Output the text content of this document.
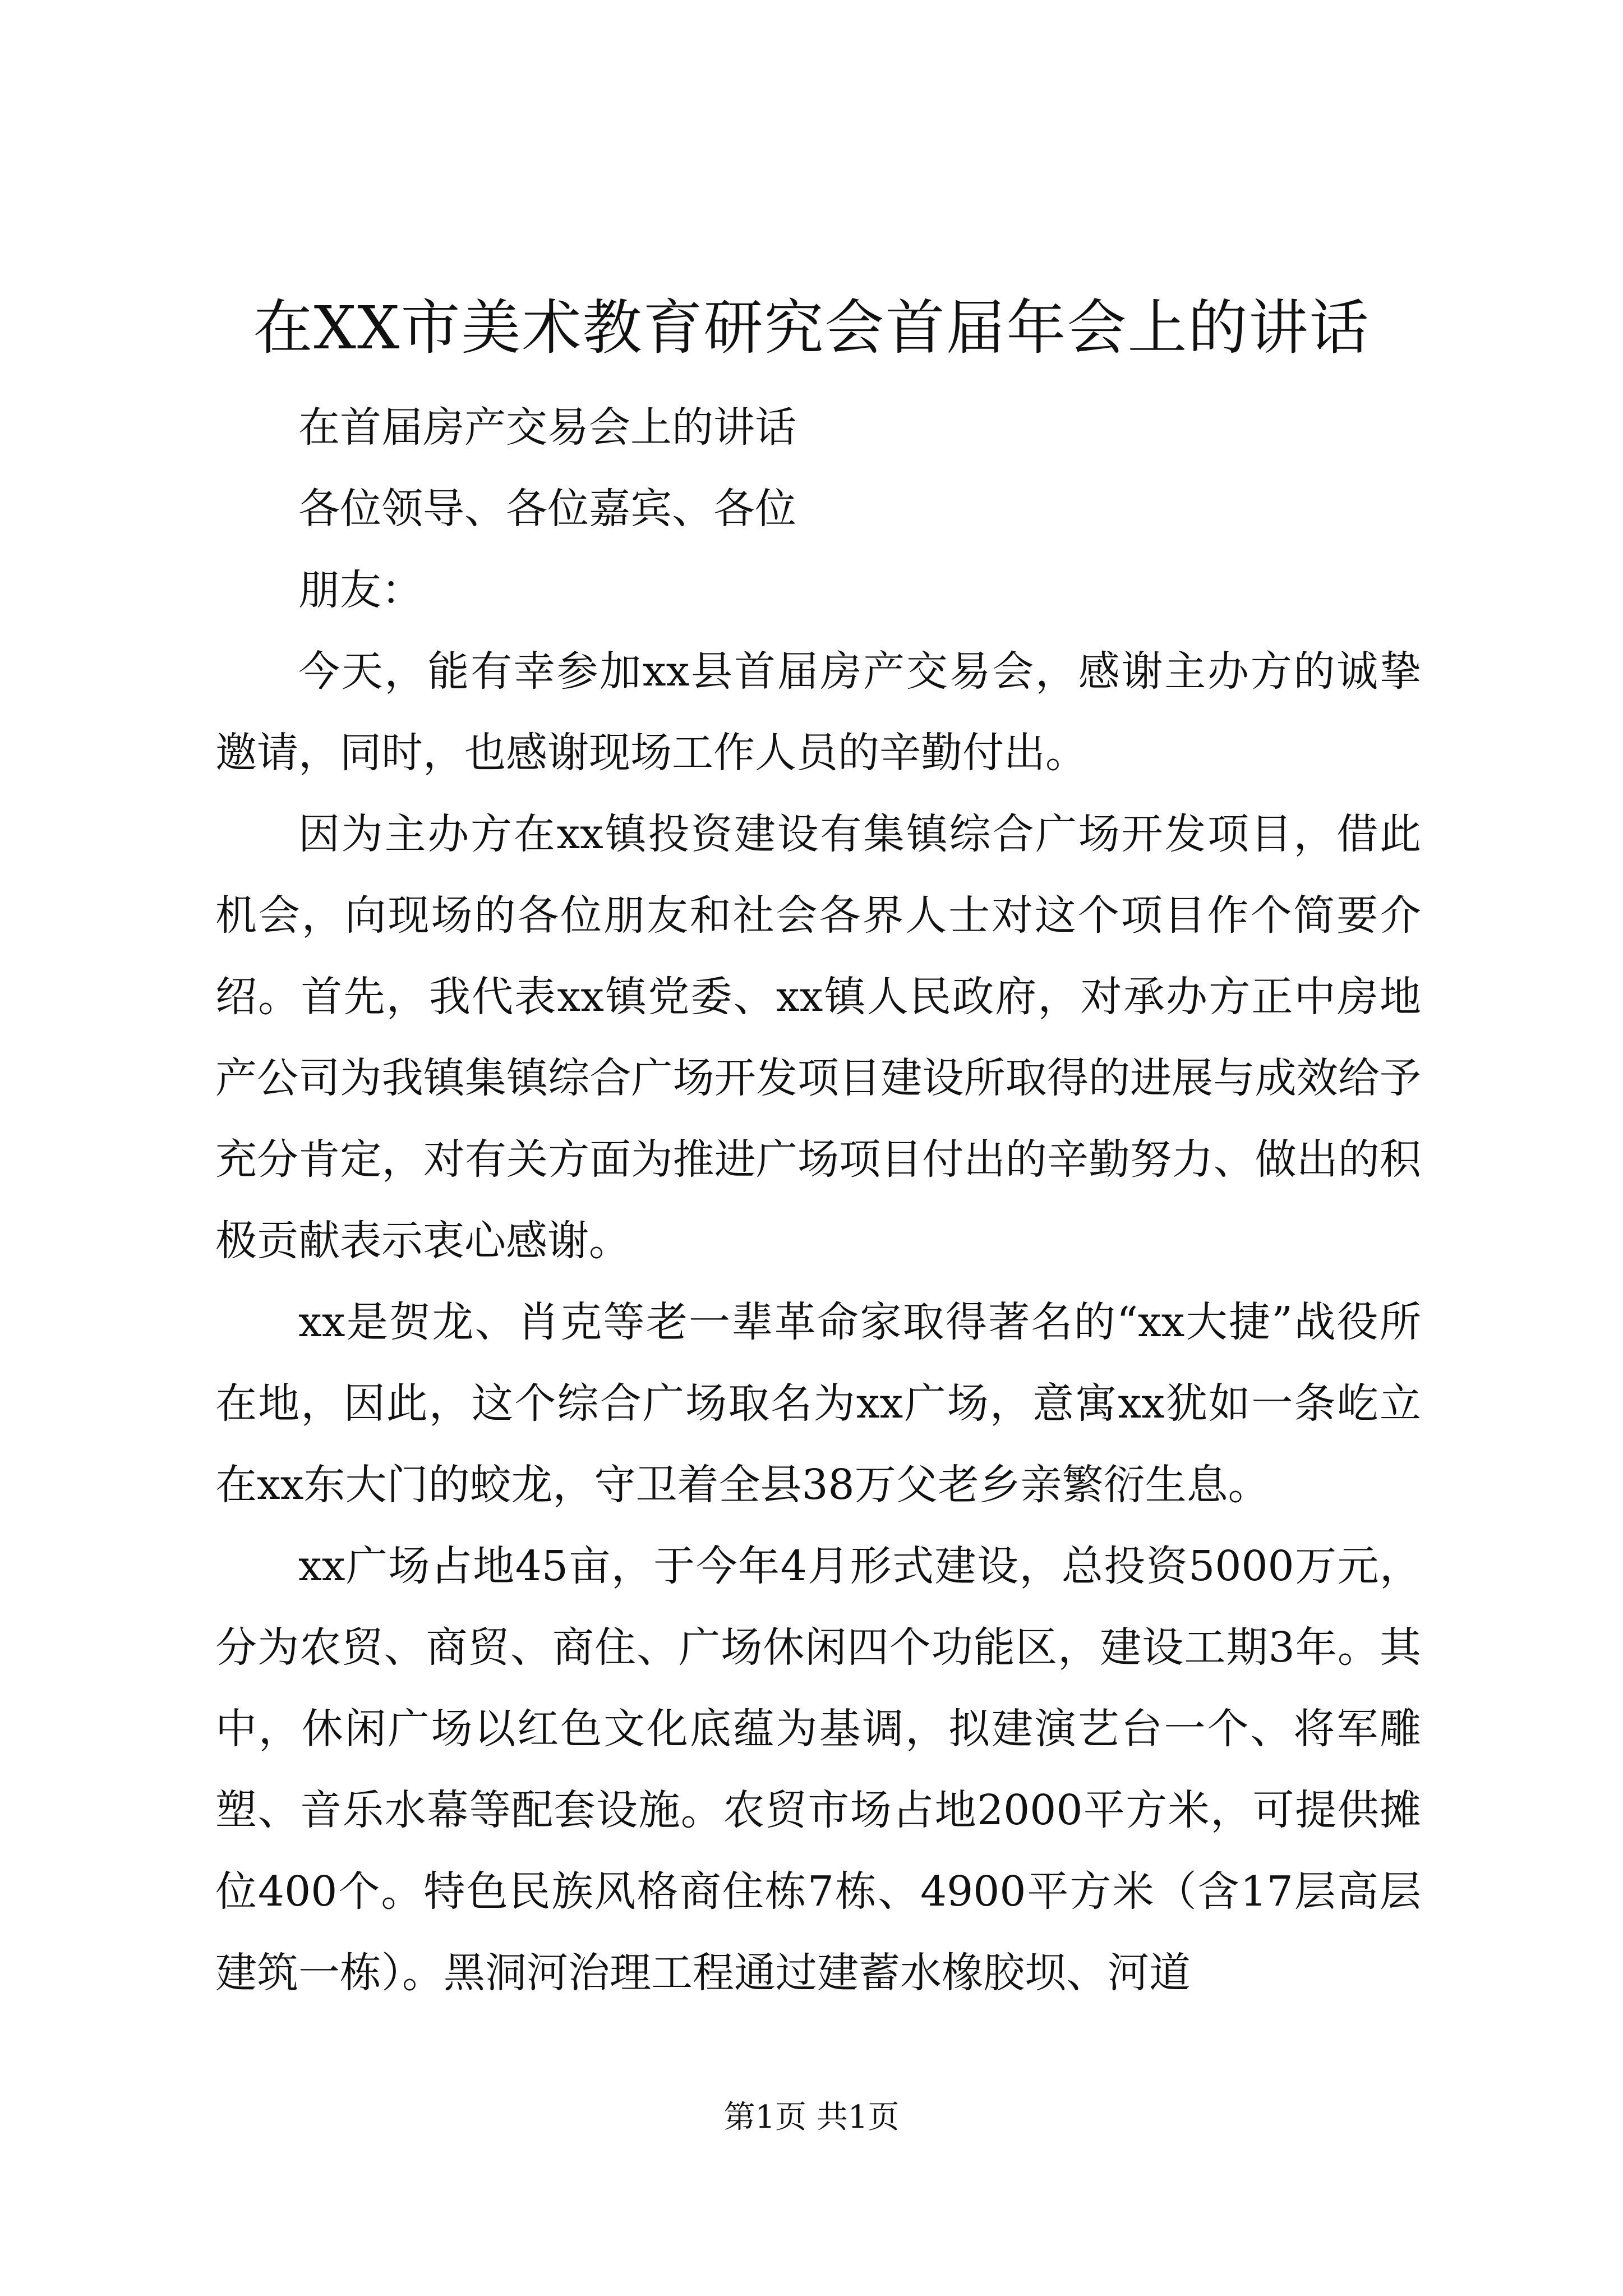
在XX市美术教育研究会首届年会上的讲话

在首届房产交易会上的讲话

各位领导、各位嘉宾、各位

朋友：

今天，能有幸参加xx县首届房产交易会，感谢主办方的诚挚邀请，同时，也感谢现场工作人员的辛勤付出。

因为主办方在xx镇投资建设有集镇综合广场开发项目，借此机会，向现场的各位朋友和社会各界人士对这个项目作个简要介绍。首先，我代表xx镇党委、xx镇人民政府，对承办方正中房地产公司为我镇集镇综合广场开发项目建设所取得的进展与成效给予充分肯定，对有关方面为推进广场项目付出的辛勤努力、做出的积极贡献表示衷心感谢。

xx是贺龙、肖克等老一辈革命家取得著名的“xx大捷”战役所在地，因此，这个综合广场取名为xx广场，意寓xx犹如一条屹立在xx东大门的蛟龙，守卫着全县38万父老乡亲繁衍生息。

xx广场占地45亩，于今年4月形式建设，总投资5000万元，分为农贸、商贸、商住、广场休闲四个功能区，建设工期3年。其中，休闲广场以红色文化底蕴为基调，拟建演艺台一个、将军雕塑、音乐水幕等配套设施。农贸市场占地2000平方米，可提供摊位400个。特色民族风格商住栋7栋、4900平方米（含17层高层建筑一栋）。黑洞河治理工程通过建蓄水橡胶坝、河道

第1页 共1页
